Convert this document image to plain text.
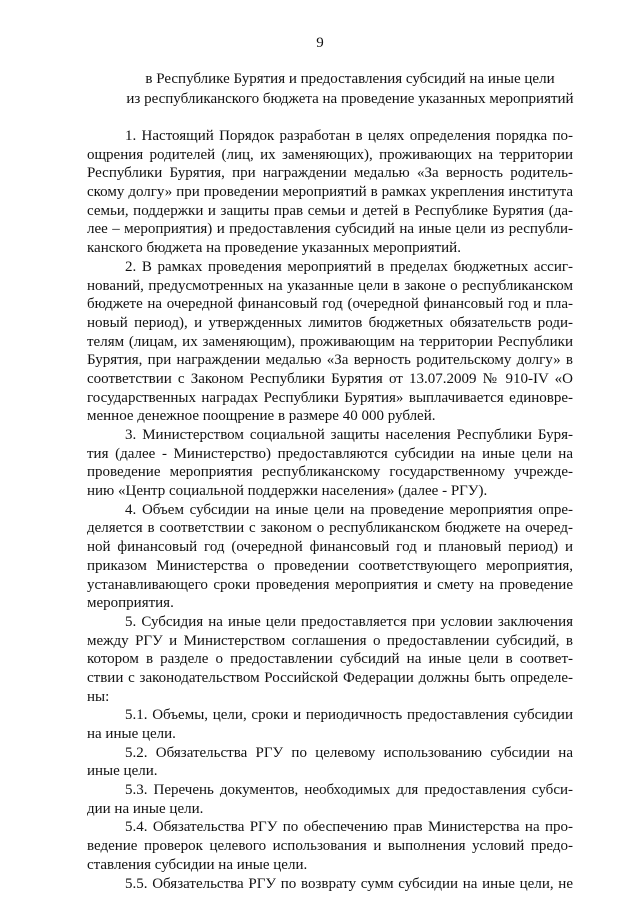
9
в Республике Бурятия и предоставления субсидий на иные цели
из республиканского бюджета на проведение указанных мероприятий
1. Настоящий Порядок разработан в целях определения порядка по-
ощрения родителей (лиц, их заменяющих), проживающих на территории
Республики Бурятия, при награждении медалью «За верность родитель-
скому долгу» при проведении мероприятий в рамках укрепления института
семьи, поддержки и защиты прав семьи и детей в Республике Бурятия (да-
лее – мероприятия) и предоставления субсидий на иные цели из республи-
канского бюджета на проведение указанных мероприятий.
2. В рамках проведения мероприятий в пределах бюджетных ассиг-
нований, предусмотренных на указанные цели в законе о республиканском
бюджете на очередной финансовый год (очередной финансовый год и пла-
новый период), и утвержденных лимитов бюджетных обязательств роди-
телям (лицам, их заменяющим), проживающим на территории Республики
Бурятия, при награждении медалью «За верность родительскому долгу» в
соответствии с Законом Республики Бурятия от 13.07.2009 № 910-IV «О
государственных наградах Республики Бурятия» выплачивается единовре-
менное денежное поощрение в размере 40 000 рублей.
3. Министерством социальной защиты населения Республики Буря-
тия (далее - Министерство) предоставляются субсидии на иные цели на
проведение мероприятия республиканскому государственному учрежде-
нию «Центр социальной поддержки населения» (далее - РГУ).
4. Объем субсидии на иные цели на проведение мероприятия опре-
деляется в соответствии с законом о республиканском бюджете на очеред-
ной финансовый год (очередной финансовый год и плановый период) и
приказом Министерства о проведении соответствующего мероприятия,
устанавливающего сроки проведения мероприятия и смету на проведение
мероприятия.
5. Субсидия на иные цели предоставляется при условии заключения
между РГУ и Министерством соглашения о предоставлении субсидий, в
котором в разделе о предоставлении субсидий на иные цели в соответ-
ствии с законодательством Российской Федерации должны быть определе-
ны:
5.1. Объемы, цели, сроки и периодичность предоставления субсидии
на иные цели.
5.2. Обязательства РГУ по целевому использованию субсидии на
иные цели.
5.3. Перечень документов, необходимых для предоставления субси-
дии на иные цели.
5.4. Обязательства РГУ по обеспечению прав Министерства на про-
ведение проверок целевого использования и выполнения условий предо-
ставления субсидии на иные цели.
5.5. Обязательства РГУ по возврату сумм субсидии на иные цели, не
